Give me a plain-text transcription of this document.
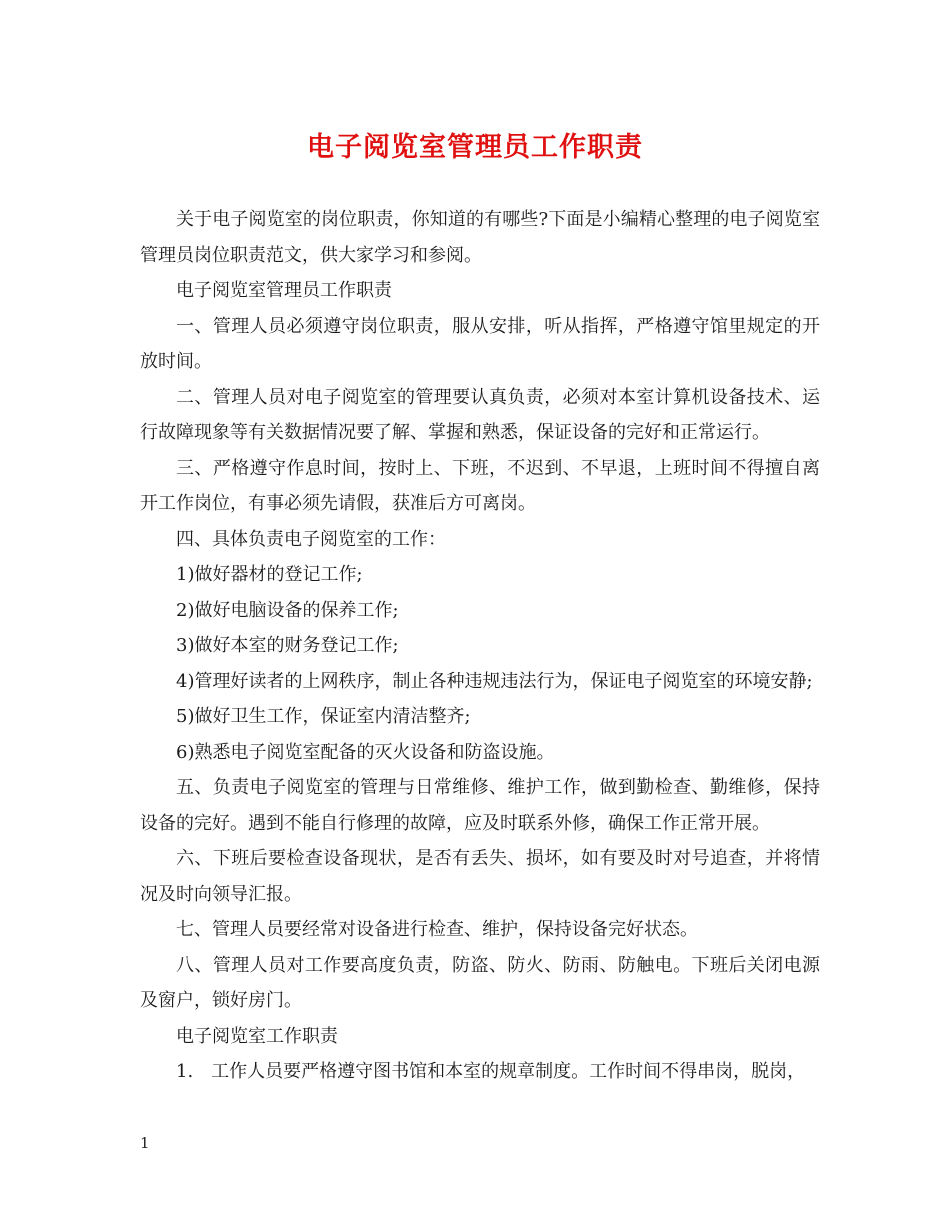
电子阅览室管理员工作职责

关于电子阅览室的岗位职责，你知道的有哪些?下面是小编精心整理的电子阅览室管理员岗位职责范文，供大家学习和参阅。

电子阅览室管理员工作职责

一、管理人员必须遵守岗位职责，服从安排，听从指挥，严格遵守馆里规定的开放时间。

二、管理人员对电子阅览室的管理要认真负责，必须对本室计算机设备技术、运行故障现象等有关数据情况要了解、掌握和熟悉，保证设备的完好和正常运行。

三、严格遵守作息时间，按时上、下班，不迟到、不早退，上班时间不得擅自离开工作岗位，有事必须先请假，获准后方可离岗。

四、具体负责电子阅览室的工作：

1)做好器材的登记工作;

2)做好电脑设备的保养工作;

3)做好本室的财务登记工作;

4)管理好读者的上网秩序，制止各种违规违法行为，保证电子阅览室的环境安静;

5)做好卫生工作，保证室内清洁整齐;

6)熟悉电子阅览室配备的灭火设备和防盗设施。

五、负责电子阅览室的管理与日常维修、维护工作，做到勤检查、勤维修，保持设备的完好。遇到不能自行修理的故障，应及时联系外修，确保工作正常开展。

六、下班后要检查设备现状，是否有丢失、损坏，如有要及时对号追查，并将情况及时向领导汇报。

七、管理人员要经常对设备进行检查、维护，保持设备完好状态。

八、管理人员对工作要高度负责，防盗、防火、防雨、防触电。下班后关闭电源及窗户，锁好房门。

电子阅览室工作职责

1.　工作人员要严格遵守图书馆和本室的规章制度。工作时间不得串岗，脱岗，

1
